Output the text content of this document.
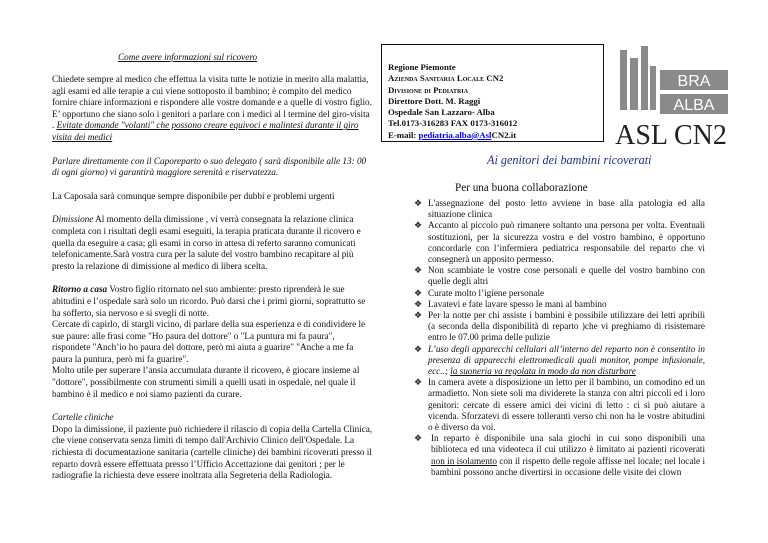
Come avere informazioni sul ricovero
Chiedete sempre al medico che effettua la visita tutte le notizie in merito alla malattia, agli esami ed alle terapie a cui viene sottoposto il bambino; è compito del medico fornire chiare informazioni e rispondere alle vostre domande e a quelle di vostro figlio. E’ opportuno che siano solo i genitori a parlare con i medici al l termine del giro-visita . Evitate domande "volanti" che possono creare equivoci e malintesi durante il giro visita dei medici
Parlare direttamente con il Caporeparto o suo delegato ( sarà disponibile alle 13: 00 di ogni giorno) vi garantirà maggiore serenità e riservatezza.
La Caposala sarà comunque sempre disponibile per dubbi e problemi urgenti
Dimissione Al momento della dimissione , vi verrà consegnata la relazione clinica completa con i risultati degli esami eseguiti, la terapia praticata durante il ricovero e quella da eseguire a casa; gli esami in corso in attesa di referto saranno comunicati telefonicamente.Sarà vostra cura per la salute del vostro bambino recapitare al più presto la relazione di dimissione al medico di libera scelta.
Ritorno a casa Vostro figlio ritornato nel suo ambiente: presto riprenderà le sue abitudini e l’ospedale sarà solo un ricordo. Può darsi che i primi giorni, soprattutto se ha sofferto, sia nervoso e si svegli di notte.
Cercate di capirlo, di stargli vicino, di parlare della sua esperienza e di condividere le sue paure: alle frasi come "Ho paura del dottore" o "La puntura mi fa paura", rispondete "Anch’io ho paura del dottore, però mi aiuta a guarire" "Anche a me fa paura la puntura, però mi fa guarire".
Molto utile per superare l’ansia accumulata durante il ricovero, è giocare insieme al "dottore", possibilmente con strumenti simili a quelli usati in ospedale, nel quale il bambino è il medico e noi siamo pazienti da curare.
Cartelle cliniche
Dopo la dimissione, il paziente può richiedere il rilascio di copia della Cartella Clinica, che viene conservata senza limiti di tempo dall'Archivio Clinico dell'Ospedale. La richiesta di documentazione sanitaria (cartelle cliniche) dei bambini ricoverati presso il reparto dovrà essere effettuata presso l’Ufficio Accettazione dai genitori ; per le radiografie la richiesta deve essere inoltrata alla Segreteria della Radiologia.
Regione Piemonte
Azienda Sanitaria Locale CN2
Divisione di Pediatria
Direttore Dott. M. Raggi
Ospedale San Lazzaro- Alba
Tel.0173-316283 FAX 0173-316012
E-mail: pediatria.alba@AslCN2.it
BRA
ALBA
ASL CN2
Ai genitori dei bambini ricoverati
Per una buona collaborazione
❖ L'assegnazione del posto letto avviene in base alla patologia ed alla situazione clinica
❖ Accanto al piccolo può rimanere soltanto una persona per volta. Eventuali sostituzioni, per la sicurezza vostra e del vostro bambino, è opportuno concordarle con l’infermiera pediatrica responsabile del reparto che vi consegnerà un apposito permesso.
❖ Non scambiate le vostre cose personali e quelle del vostro bambino con quelle degli altri
❖ Curate molto l’igiene personale
❖ Lavatevi e fate lavare spesso le mani al bambino
❖ Per la notte per chi assiste i bambini è possibile utilizzare dei letti apribili (a seconda della disponibilità di reparto )che vi preghiamo di risistemare entro le 07.00 prima delle pulizie
❖ L’uso degli apparecchi cellulari all’interno del reparto non è consentito in presenza di apparecchi elettromedicali quali monitor, pompe infusionale, ecc..; la suoneria va regolata in modo da non disturbare
❖ In camera avete a disposizione un letto per il bambino, un comodino ed un armadietto. Non siete soli ma dividerete la stanza con altri piccoli ed i loro genitori: cercate di essere amici dei vicini di letto : ci si può aiutare a vicenda. Sforzatevi di essere tolleranti verso chi non ha le vostre abitudini o è diverso da voi.
❖ In reparto è disponibile una sala giochi in cui sono disponibili una biblioteca ed una videoteca il cui utilizzo è limitato ai pazienti ricoverati non in isolamento con il rispetto delle regole affisse nel locale; nel locale i bambini possono anche divertirsi in occasione delle visite dei clown
